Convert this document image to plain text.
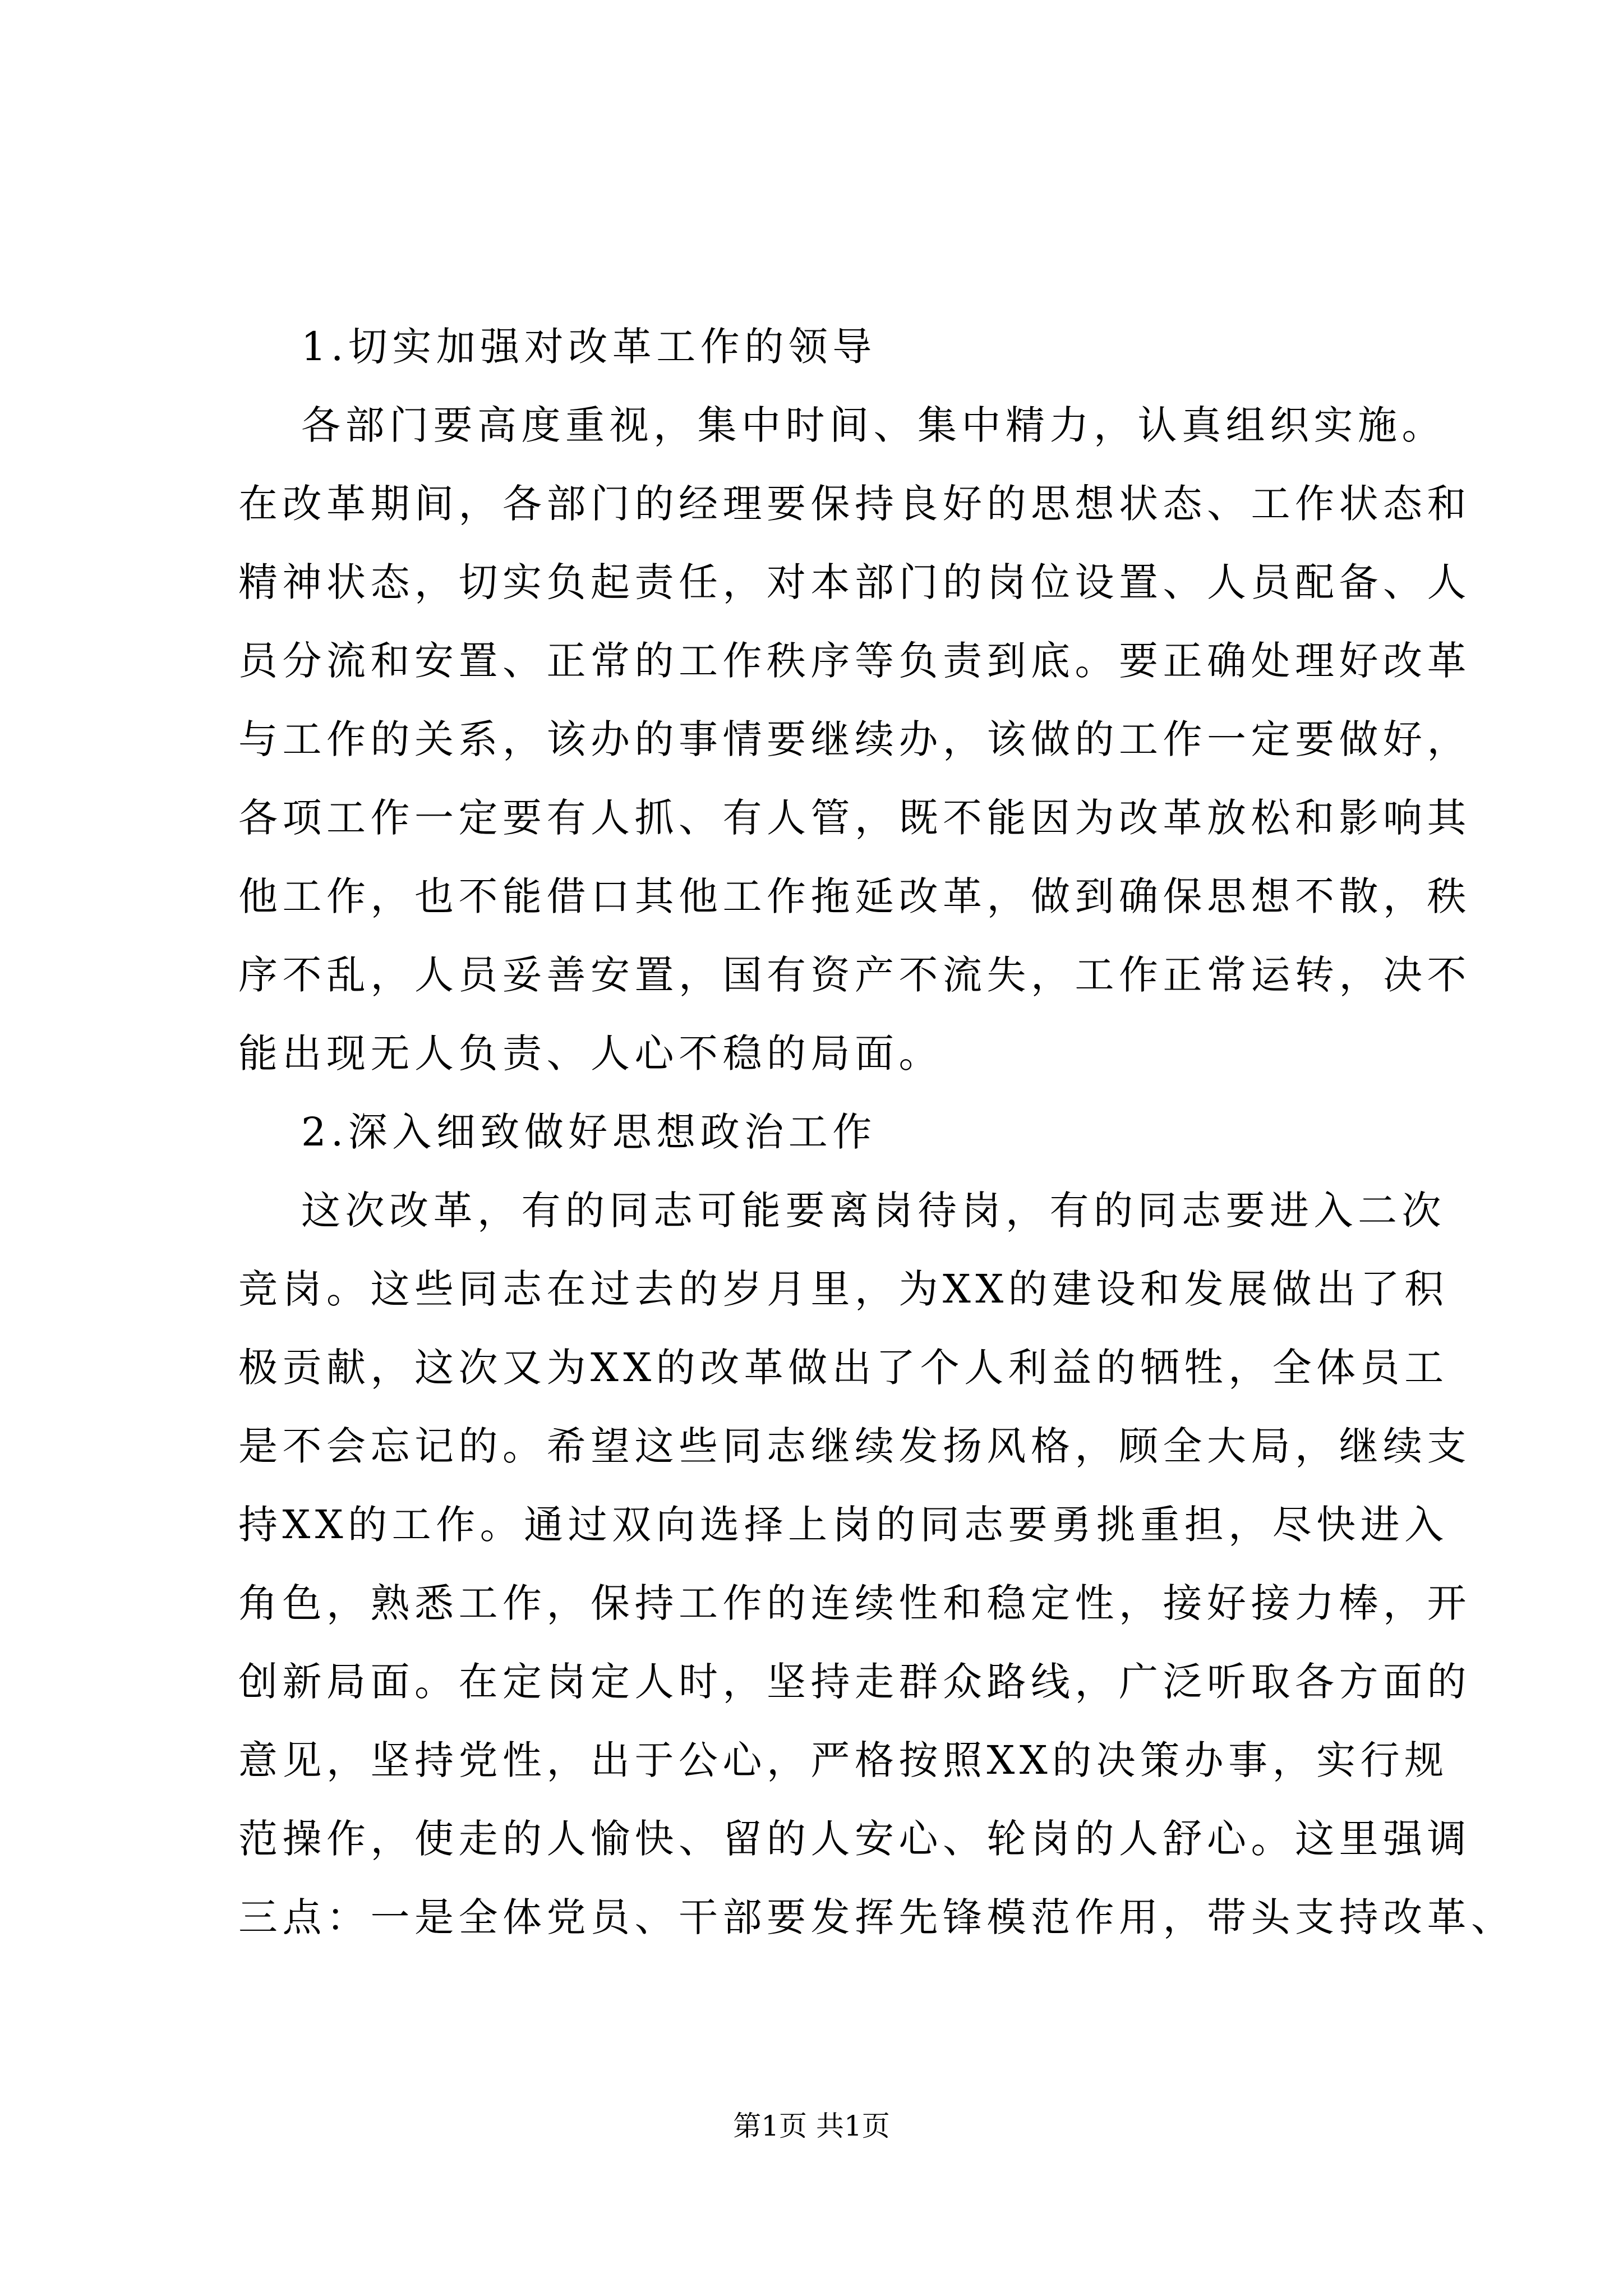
1.切实加强对改革工作的领导
各部门要高度重视，集中时间、集中精力，认真组织实施。
在改革期间，各部门的经理要保持良好的思想状态、工作状态和
精神状态，切实负起责任，对本部门的岗位设置、人员配备、人
员分流和安置、正常的工作秩序等负责到底。要正确处理好改革
与工作的关系，该办的事情要继续办，该做的工作一定要做好，
各项工作一定要有人抓、有人管，既不能因为改革放松和影响其
他工作，也不能借口其他工作拖延改革，做到确保思想不散，秩
序不乱，人员妥善安置，国有资产不流失，工作正常运转，决不
能出现无人负责、人心不稳的局面。
2.深入细致做好思想政治工作
这次改革，有的同志可能要离岗待岗，有的同志要进入二次
竞岗。这些同志在过去的岁月里，为XX的建设和发展做出了积
极贡献，这次又为XX的改革做出了个人利益的牺牲，全体员工
是不会忘记的。希望这些同志继续发扬风格，顾全大局，继续支
持XX的工作。通过双向选择上岗的同志要勇挑重担，尽快进入
角色，熟悉工作，保持工作的连续性和稳定性，接好接力棒，开
创新局面。在定岗定人时，坚持走群众路线，广泛听取各方面的
意见，坚持党性，出于公心，严格按照XX的决策办事，实行规
范操作，使走的人愉快、留的人安心、轮岗的人舒心。这里强调
三点：一是全体党员、干部要发挥先锋模范作用，带头支持改革、
第1页 共1页
